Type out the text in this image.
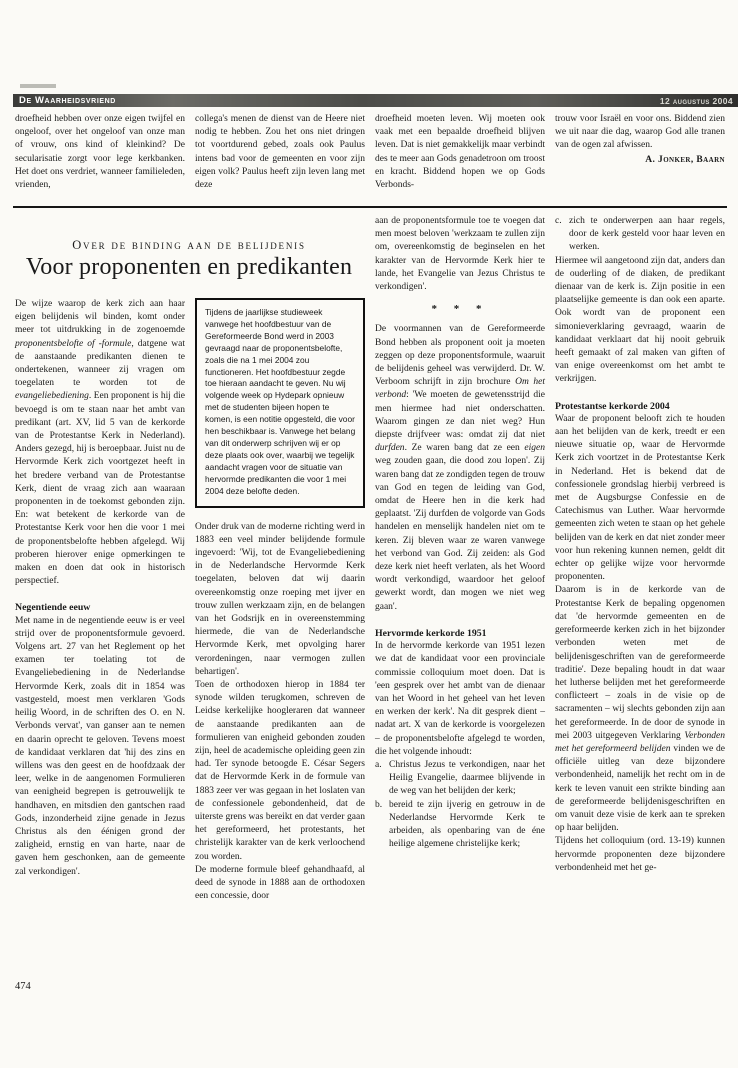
De Waarheidsvriend	12 augustus 2004

droefheid hebben over onze eigen twijfel en ongeloof, over het ongeloof van onze man of vrouw, ons kind of kleinkind? De secularisatie zorgt voor lege kerkbanken. Het doet ons verdriet, wanneer familieleden, vrienden,

collega's menen de dienst van de Heere niet nodig te hebben. Zou het ons niet dringen tot voortdurend gebed, zoals ook Paulus intens bad voor de gemeenten en voor zijn eigen volk? Paulus heeft zijn leven lang met deze

droefheid moeten leven. Wij moeten ook vaak met een bepaalde droefheid blijven leven. Dat is niet gemakkelijk maar verbindt des te meer aan Gods genadetroon om troost en kracht. Biddend hopen we op Gods Verbonds-

trouw voor Israël en voor ons. Biddend zien we uit naar die dag, waarop God alle tranen van de ogen zal afwissen.

A. Jonker, Baarn
Over de binding aan de belijdenis
Voor proponenten en predikanten

De wijze waarop de kerk zich aan haar eigen belijdenis wil binden, komt onder meer tot uitdrukking in de zogenoemde proponentsbelofte of -formule, datgene wat de aanstaande predikanten dienen te ondertekenen, wanneer zij vragen om toegelaten te worden tot de evangeliebediening. Een proponent is hij die bevoegd is om te staan naar het ambt van predikant (art. XV, lid 5 van de kerkorde van de Protestantse Kerk in Nederland). Anders gezegd, hij is beroepbaar. Juist nu de Hervormde Kerk zich voortgezet heeft in het bredere verband van de Protestantse Kerk, dient de vraag zich aan waaraan proponenten in de toekomst gebonden zijn. En: wat betekent de kerkorde van de Protestantse Kerk voor hen die voor 1 mei de proponentsbelofte hebben afgelegd. Wij proberen hierover enige opmerkingen te maken en doen dat ook in historisch perspectief.

Negentiende eeuw

Met name in de negentiende eeuw is er veel strijd over de proponentsformule gevoerd. Volgens art. 27 van het Reglement op het examen ter toelating tot de Evangeliebediening in de Nederlandse Hervormde Kerk, zoals dit in 1854 was vastgesteld, moest men verklaren 'Gods heilig Woord, in de schriften des O. en N. Verbonds vervat', van ganser aan te nemen en daarin oprecht te geloven. Tevens moest de kandidaat verklaren dat 'hij des zins en willens was den geest en de hoofdzaak der leer, welke in de aangenomen Formulieren van eenigheid begrepen is getrouwelijk te handhaven, en mitsdien den gantschen raad Gods, inzonderheid zijne genade in Jezus Christus als den éénigen grond der zaligheid, ernstig en van harte, naar de gaven hem geschonken, aan de gemeente zal verkondigen'.

Tijdens de jaarlijkse studieweek vanwege het hoofdbestuur van de Gereformeerde Bond werd in 2003 gevraagd naar de proponentsbelofte, zoals die na 1 mei 2004 zou functioneren. Het hoofdbestuur zegde toe hieraan aandacht te geven. Nu wij volgende week op Hydepark opnieuw met de studenten bijeen hopen te komen, is een notitie opgesteld, die voor hen beschikbaar is. Vanwege het belang van dit onderwerp schrijven wij er op deze plaats ook over, waarbij we tegelijk aandacht vragen voor de situatie van hervormde predikanten die voor 1 mei 2004 deze belofte deden.

Onder druk van de moderne richting werd in 1883 een veel minder belijdende formule ingevoerd: 'Wij, tot de Evangeliebediening in de Nederlandsche Hervormde Kerk toegelaten, beloven dat wij daarin overeenkomstig onze roeping met ijver en trouw zullen werkzaam zijn, en de belangen van het Godsrijk en in overeenstemming hiermede, die van de Nederlandsche Hervormde Kerk, met opvolging harer verordeningen, naar vermogen zullen behartigen'.

Toen de orthodoxen hierop in 1884 ter synode wilden terugkomen, schreven de Leidse kerkelijke hoogleraren dat wanneer de aanstaande predikanten aan de formulieren van enigheid gebonden zouden zijn, heel de academische opleiding geen zin had. Ter synode betoogde E. César Segers dat de Hervormde Kerk in de formule van 1883 zeer ver was gegaan in het loslaten van de confessionele gebondenheid, dat de uiterste grens was bereikt en dat verder gaan het gereformeerd, het protestants, het christelijk karakter van de kerk verloochend zou worden.

De moderne formule bleef gehandhaafd, al deed de synode in 1888 aan de orthodoxen een concessie, door

aan de proponentsformule toe te voegen dat men moest beloven 'werkzaam te zullen zijn om, overeenkomstig de beginselen en het karakter van de Hervormde Kerk hier te lande, het Evangelie van Jezus Christus te verkondigen'.

* * *

De voormannen van de Gereformeerde Bond hebben als proponent ooit ja moeten zeggen op deze proponentsformule, waaruit de belijdenis geheel was verwijderd. Dr. W. Verboom schrijft in zijn brochure Om het verbond: 'We moeten de gewetensstrijd die men hiermee had niet onderschatten. Waarom gingen ze dan niet weg? Hun diepste drijfveer was: omdat zij dat niet durfden. Ze waren bang dat ze een eigen weg zouden gaan, die dood zou lopen'. Zij waren bang dat ze zondigden tegen de trouw van God en tegen de leiding van God, omdat de Heere hen in die kerk had geplaatst. 'Zij durfden de volgorde van Gods handelen en menselijk handelen niet om te keren. Zij bleven waar ze waren vanwege het verbond van God. Zij zeiden: als God deze kerk niet heeft verlaten, als het Woord wordt verkondigd, waardoor het geloof gewerkt wordt, dan mogen we niet weg gaan'.

Hervormde kerkorde 1951

In de hervormde kerkorde van 1951 lezen we dat de kandidaat voor een provinciale commissie colloquium moet doen. Dat is 'een gesprek over het ambt van de dienaar van het Woord in het geheel van het leven en werken der kerk'. Na dit gesprek dient – nadat art. X van de kerkorde is voorgelezen – de proponentsbelofte afgelegd te worden, die het volgende inhoudt:

a. Christus Jezus te verkondigen, naar het Heilig Evangelie, daarmee blijvende in de weg van het belijden der kerk;
b. bereid te zijn ijverig en getrouw in de Nederlandse Hervormde Kerk te arbeiden, als openbaring van de éne heilige algemene christelijke kerk;
c. zich te onderwerpen aan haar regels, door de kerk gesteld voor haar leven en werken.

Hiermee wil aangetoond zijn dat, anders dan de ouderling of de diaken, de predikant dienaar van de kerk is. Zijn positie in een plaatselijke gemeente is dan ook een aparte. Ook wordt van de proponent een simonieverklaring gevraagd, waarin de kandidaat verklaart dat hij nooit gebruik heeft gemaakt of zal maken van giften of van enige overeenkomst om het ambt te verkrijgen.

Protestantse kerkorde 2004

Waar de proponent belooft zich te houden aan het belijden van de kerk, treedt er een nieuwe situatie op, waar de Hervormde Kerk zich voortzet in de Protestantse Kerk in Nederland. Het is bekend dat de confessionele grondslag hierbij verbreed is met de Augsburgse Confessie en de Catechismus van Luther. Waar hervormde gemeenten zich weten te staan op het gehele belijden van de kerk en dat niet zonder meer voor hun rekening kunnen nemen, geldt dit echter op gelijke wijze voor hervormde proponenten.

Daarom is in de kerkorde van de Protestantse Kerk de bepaling opgenomen dat 'de hervormde gemeenten en de gereformeerde kerken zich in het bijzonder verbonden weten met de belijdenisgeschriften van de gereformeerde traditie'. Deze bepaling houdt in dat waar het lutherse belijden met het gereformeerde conflicteert – zoals in de visie op de sacramenten – wij slechts gebonden zijn aan het gereformeerde. In de door de synode in mei 2003 uitgegeven Verklaring Verbonden met het gereformeerd belijden vinden we de officiële uitleg van deze bijzondere verbondenheid, namelijk het recht om in de kerk te leven vanuit een strikte binding aan de gereformeerde belijdenisgeschriften en om vanuit deze visie de kerk aan te spreken op haar belijden.

Tijdens het colloquium (ord. 13-19) kunnen hervormde proponenten deze bijzondere verbondenheid met het ge-

474
